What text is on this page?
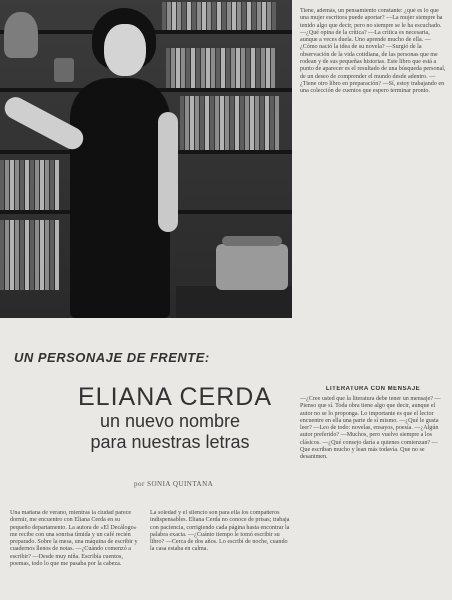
UN PERSONAJE DE FRENTE:
ELIANA CERDA
un nuevo nombre
para nuestras letras

por SONIA QUINTANA

Una mañana de verano, mientras la ciudad parece dormir, me encuentro con Eliana Cerda en su pequeño departamento. La autora de «El Decálogo» me recibe con una sonrisa tímida y un café recién preparado. Sobre la mesa, una máquina de escribir y cuadernos llenos de notas. —¿Cuándo comenzó a escribir? —Desde muy niña. Escribía cuentos, poemas, todo lo que me pasaba por la cabeza.

La soledad y el silencio son para ella los compañeros indispensables. Eliana Cerda no conoce de prisas; trabaja con paciencia, corrigiendo cada página hasta encontrar la palabra exacta. —¿Cuánto tiempo le tomó escribir su libro? —Cerca de dos años. Lo escribí de noche, cuando la casa estaba en calma.

Tiene, además, un pensamiento constante: ¿qué es lo que una mujer escritora puede aportar? —La mujer siempre ha tenido algo que decir, pero no siempre se le ha escuchado. —¿Qué opina de la crítica? —La crítica es necesaria, aunque a veces duela. Uno aprende mucho de ella. —¿Cómo nació la idea de su novela? —Surgió de la observación de la vida cotidiana, de las personas que me rodean y de sus pequeñas historias. Este libro que está a punto de aparecer es el resultado de una búsqueda personal, de un deseo de comprender el mundo desde adentro. —¿Tiene otro libro en preparación? —Sí, estoy trabajando en una colección de cuentos que espero terminar pronto.

LITERATURA CON MENSAJE

—¿Cree usted que la literatura debe tener un mensaje? —Pienso que sí. Toda obra tiene algo que decir, aunque el autor no se lo proponga. Lo importante es que el lector encuentre en ella una parte de sí mismo. —¿Qué le gusta leer? —Leo de todo: novelas, ensayos, poesía. —¿Algún autor preferido? —Muchos, pero vuelvo siempre a los clásicos. —¿Qué consejo daría a quienes comienzan? —Que escriban mucho y lean más todavía. Que no se desanimen.
